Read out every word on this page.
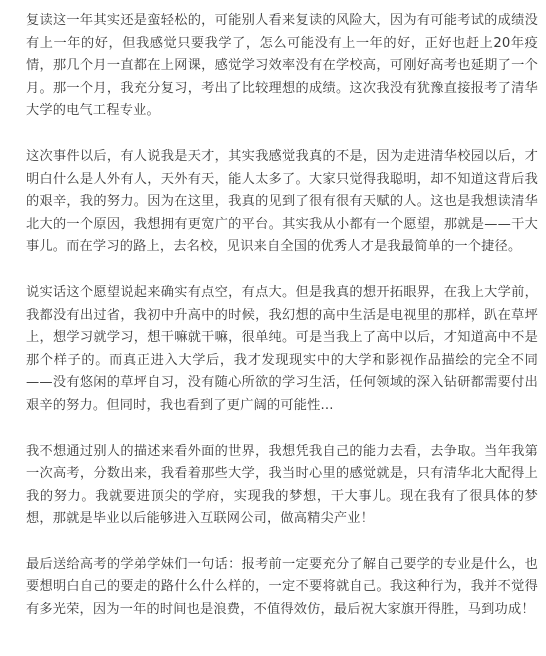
复读这一年其实还是蛮轻松的，可能别人看来复读的风险大，因为有可能考试的成绩没有上一年的好，但我感觉只要我学了，怎么可能没有上一年的好，正好也赶上20年疫情，那几个月一直都在上网课，感觉学习效率没有在学校高，可刚好高考也延期了一个月。那一个月，我充分复习，考出了比较理想的成绩。这次我没有犹豫直接报考了清华大学的电气工程专业。

这次事件以后，有人说我是天才，其实我感觉我真的不是，因为走进清华校园以后，才明白什么是人外有人，天外有天，能人太多了。大家只觉得我聪明，却不知道这背后我的艰辛，我的努力。因为在这里，我真的见到了很有很有天赋的人。这也是我想读清华北大的一个原因，我想拥有更宽广的平台。其实我从小都有一个愿望，那就是——干大事儿。而在学习的路上，去名校，见识来自全国的优秀人才是我最简单的一个捷径。

说实话这个愿望说起来确实有点空，有点大。但是我真的想开拓眼界，在我上大学前，我都没有出过省，我初中升高中的时候，我幻想的高中生活是电视里的那样，趴在草坪上，想学习就学习，想干嘛就干嘛，很单纯。可是当我上了高中以后，才知道高中不是那个样子的。而真正进入大学后，我才发现现实中的大学和影视作品描绘的完全不同——没有悠闲的草坪自习，没有随心所欲的学习生活，任何领域的深入钻研都需要付出艰辛的努力。但同时，我也看到了更广阔的可能性...

我不想通过别人的描述来看外面的世界，我想凭我自己的能力去看，去争取。当年我第一次高考，分数出来，我看着那些大学，我当时心里的感觉就是，只有清华北大配得上我的努力。我就要进顶尖的学府，实现我的梦想，干大事儿。现在我有了很具体的梦想，那就是毕业以后能够进入互联网公司，做高精尖产业！

最后送给高考的学弟学妹们一句话：报考前一定要充分了解自己要学的专业是什么，也要想明白自己的要走的路什么什么样的，一定不要将就自己。我这种行为，我并不觉得有多光荣，因为一年的时间也是浪费，不值得效仿，最后祝大家旗开得胜，马到功成！
